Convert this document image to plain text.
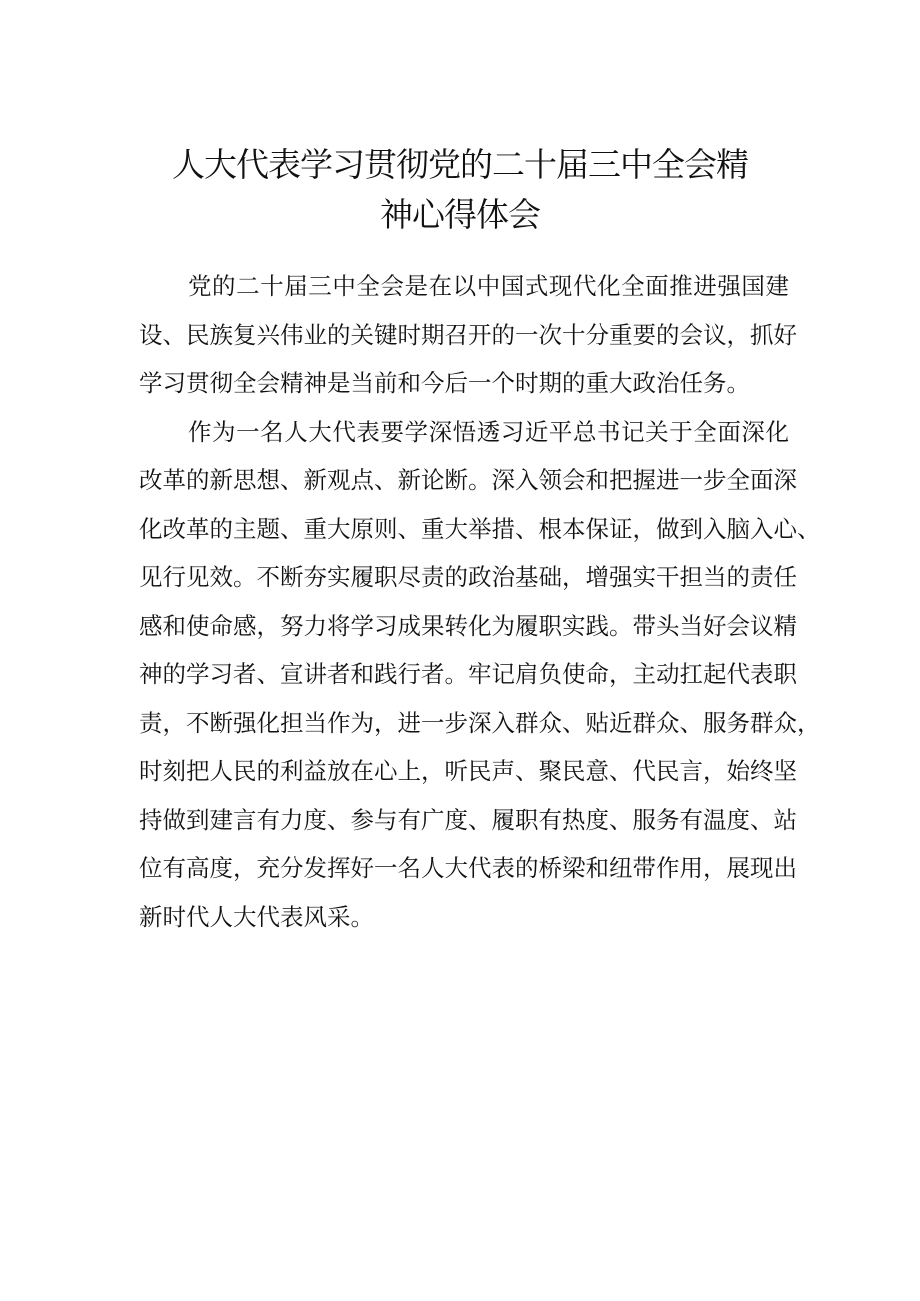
人大代表学习贯彻党的二十届三中全会精
神心得体会
党的二十届三中全会是在以中国式现代化全面推进强国建
设、民族复兴伟业的关键时期召开的一次十分重要的会议，抓好
学习贯彻全会精神是当前和今后一个时期的重大政治任务。
作为一名人大代表要学深悟透习近平总书记关于全面深化
改革的新思想、新观点、新论断。深入领会和把握进一步全面深
化改革的主题、重大原则、重大举措、根本保证，做到入脑入心、
见行见效。不断夯实履职尽责的政治基础，增强实干担当的责任
感和使命感，努力将学习成果转化为履职实践。带头当好会议精
神的学习者、宣讲者和践行者。牢记肩负使命，主动扛起代表职
责，不断强化担当作为，进一步深入群众、贴近群众、服务群众，
时刻把人民的利益放在心上，听民声、聚民意、代民言，始终坚
持做到建言有力度、参与有广度、履职有热度、服务有温度、站
位有高度，充分发挥好一名人大代表的桥梁和纽带作用，展现出
新时代人大代表风采。
